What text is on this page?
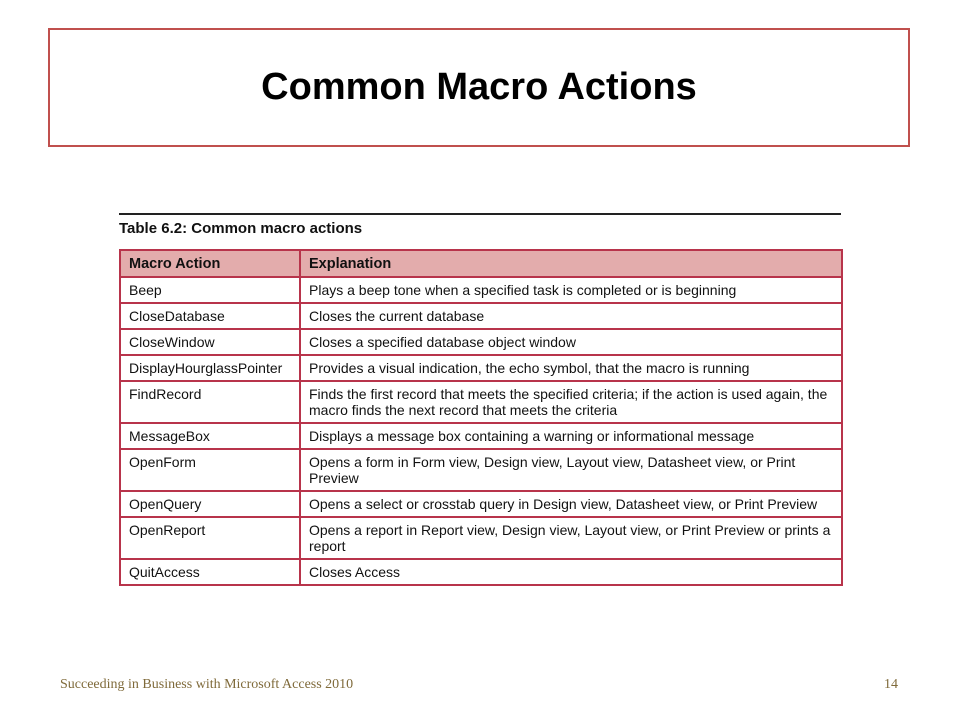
Common Macro Actions
Table 6.2: Common macro actions
Macro Action	Explanation
Beep	Plays a beep tone when a specified task is completed or is beginning
CloseDatabase	Closes the current database
CloseWindow	Closes a specified database object window
DisplayHourglassPointer	Provides a visual indication, the echo symbol, that the macro is running
FindRecord	Finds the first record that meets the specified criteria; if the action is used again, the macro finds the next record that meets the criteria
MessageBox	Displays a message box containing a warning or informational message
OpenForm	Opens a form in Form view, Design view, Layout view, Datasheet view, or Print Preview
OpenQuery	Opens a select or crosstab query in Design view, Datasheet view, or Print Preview
OpenReport	Opens a report in Report view, Design view, Layout view, or Print Preview or prints a report
QuitAccess	Closes Access
Succeeding in Business with Microsoft Access 2010	14
